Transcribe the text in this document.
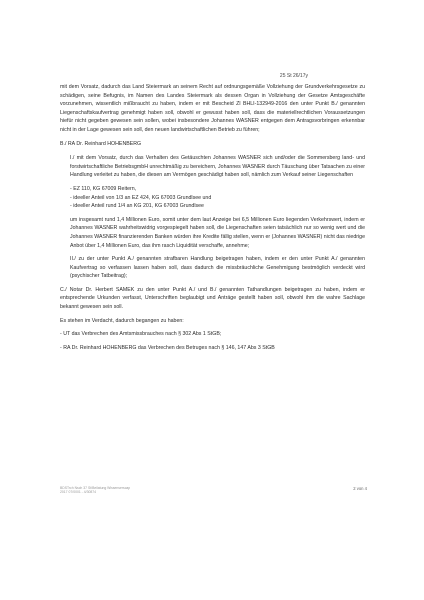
25 St 26/17y

mit dem Vorsatz, dadurch das Land Steiermark an seinem Recht auf ordnungsgemäße Vollziehung der Grundverkehrsgesetze zu schädigen, seine Befugnis, im Namen des Landes Steiermark als dessen Organ in Vollziehung der Gesetze Amtsgeschäfte vorzunehmen, wissentlich mißbraucht zu haben, indem er mit Bescheid Zl BHLI-132949-2016 den unter Punkt B./ genannten Liegenschaftskaufvertrag genehmigt haben soll, obwohl er gewusst haben soll, dass die materiellrechtlichen Voraussetzungen hiefür nicht gegeben gewesen sein sollen, wobei insbesondere Johannes WASNER entgegen dem Antragsvorbringen erkennbar nicht in der Lage gewesen sein soll, den neuen landwirtschaftlichen Betrieb zu führen;

B./ RA Dr. Reinhard HOHENBERG

I./ mit dem Vorsatz, durch das Verhalten des Getäuschten Johannes WASNER sich und/oder die Sommersberg land- und forstwirtschaftliche BetriebsgmbH unrechtmäßig zu bereichern, Johannes WASNER durch Täuschung über Tatsachen zu einer Handlung verleitet zu haben, die diesen am Vermögen geschädigt haben soll, nämlich zum Verkauf seiner Liegenschaften

- EZ 110, KG 67009 Reitern,
- ideeller Anteil von 1/3 an EZ 424, KG 67003 Grundlsee und
- ideeller Anteil rund 1/4 an KG 201, KG 67003 Grundlsee

um insgesamt rund 1,4 Millionen Euro, somit unter dem laut Anzeige bei 6,5 Millionen Euro liegenden Verkehrswert, indem er Johannes WASNER wahrheitswidrig vorgespiegelt haben soll, die Liegenschaften seien tatsächlich nur so wenig wert und die Johannes WASNER finanzierenden Banken würden ihre Kredite fällig stellen, wenn er (Johannes WASNER) nicht das niedrige Anbot über 1,4 Millionen Euro, das ihm rasch Liquidität verschaffe, annehme;

II./ zu der unter Punkt A./ genannten strafbaren Handlung beigetragen haben, indem er den unter Punkt A./ genannten Kaufvertrag so verfassen lassen haben soll, dass dadurch die missbräuchliche Genehmigung bestmöglich verdeckt wird (psychischer Tatbeitrag);

C./ Notar Dr. Herbert SAMEK zu den unter Punkt A./ und B./ genannten Tathandlungen beigetragen zu haben, indem er entsprechende Urkunden verfasst, Unterschriften beglaubigt und Anträge gestellt haben soll, obwohl ihm die wahre Sachlage bekannt gewesen sein soll.

Es stehen im Verdacht, dadurch begangen zu haben:

- UT das Verbrechen des Amtsmissbrauches nach § 302 Abs 1 StGB;

- RA Dr. Reinhard HOHENBERG das Verbrechen des Betruges nach § 146, 147 Abs 3 StGB

BDSTrch Nsch 37 St/Beilatung Wissenserscap
2017 07/0001 - 4/30874
2 von 4
